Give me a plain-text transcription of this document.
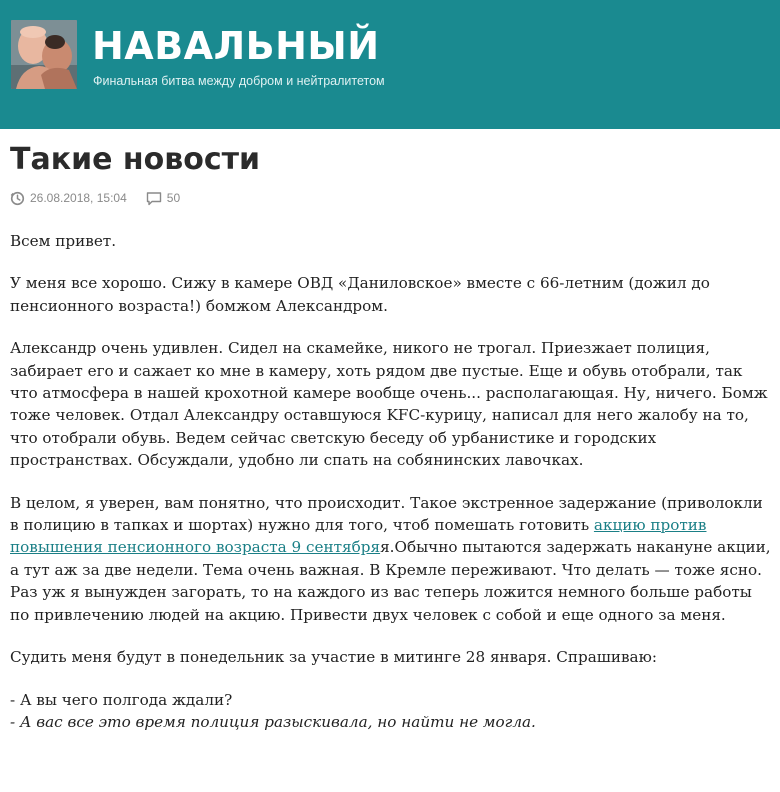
НАВАЛЬНЫЙ
Финальная битва между добром и нейтралитетом
Такие новости
26.08.2018, 15:04	50

Всем привет.

У меня все хорошо. Сижу в камере ОВД «Даниловское» вместе с 66-летним (дожил до пенсионного возраста!) бомжом Александром.

Александр очень удивлен. Сидел на скамейке, никого не трогал. Приезжает полиция, забирает его и сажает ко мне в камеру, хоть рядом две пустые. Еще и обувь отобрали, так что атмосфера в нашей крохотной камере вообще очень... располагающая. Ну, ничего. Бомж тоже человек. Отдал Александру оставшуюся KFC-курицу, написал для него жалобу на то, что отобрали обувь. Ведем сейчас светскую беседу об урбанистике и городских пространствах. Обсуждали, удобно ли спать на собянинских лавочках.

В целом, я уверен, вам понятно, что происходит. Такое экстренное задержание (приволокли в полицию в тапках и шортах) нужно для того, чтоб помешать готовить акцию против повышения пенсионного возраста 9 сентябряя.Обычно пытаются задержать накануне акции, а тут аж за две недели. Тема очень важная. В Кремле переживают. Что делать — тоже ясно. Раз уж я вынужден загорать, то на каждого из вас теперь ложится немного больше работы по привлечению людей на акцию. Привести двух человек с собой и еще одного за меня.

Судить меня будут в понедельник за участие в митинге 28 января. Спрашиваю:

- А вы чего полгода ждали?

- А вас все это время полиция разыскивала, но найти не могла.
